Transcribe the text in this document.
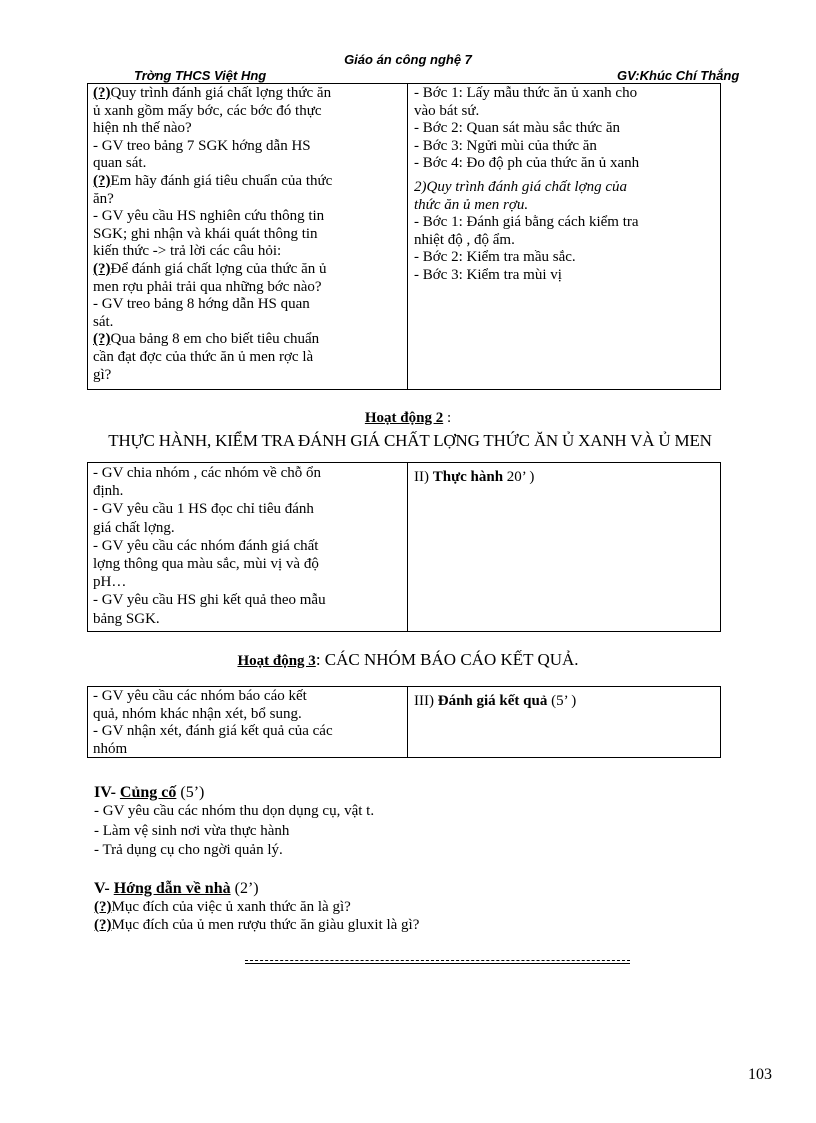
Giáo án công nghệ 7
Trờng THCS Việt Hng	GV:Khúc Chí Thắng
(?)Quy trình đánh giá chất lợng thức ăn
ủ xanh gồm mấy bớc, các bớc đó thực
hiện nh thế nào?
- GV treo bảng 7 SGK hớng dẫn HS
quan sát.
(?)Em hãy đánh giá tiêu chuẩn của thức
ăn?
- GV yêu cầu HS nghiên cứu thông tin
SGK; ghi nhận và khái quát thông tin
kiến thức -> trả lời các câu hỏi:
(?)Để đánh giá chất lợng của thức ăn ủ
men rợu phải trải qua những bớc nào?
- GV treo bảng 8 hớng dẫn HS quan
sát.
(?)Qua bảng 8 em cho biết tiêu chuẩn
cần đạt đợc của thức ăn ủ men rợc là
gì?
- Bớc 1: Lấy mẫu thức ăn ủ xanh cho
vào bát sứ.
- Bớc 2: Quan sát màu sắc thức ăn
- Bớc 3: Ngửi mùi của thức ăn
- Bớc 4: Đo độ ph của thức ăn ủ xanh
2)Quy trình đánh giá chất lợng của
thức ăn ủ men rợu.
- Bớc 1: Đánh giá bằng cách kiểm tra
nhiệt độ , độ ẩm.
- Bớc 2: Kiểm tra mầu sắc.
- Bớc 3: Kiểm tra mùi vị
Hoạt động 2 :
THỰC HÀNH, KIỂM TRA ĐÁNH GIÁ CHẤT LỢNG THỨC ĂN Ủ XANH VÀ Ủ MEN
- GV chia nhóm , các nhóm về chỗ ổn
định.
- GV yêu cầu 1 HS đọc chỉ tiêu đánh
giá chất lợng.
- GV yêu cầu các nhóm đánh giá chất
lợng thông qua màu sắc, mùi vị và độ
pH…
- GV yêu cầu HS ghi kết quả theo mẫu
bảng SGK.
II) Thực hành 20’ )
Hoạt động 3: CÁC NHÓM BÁO CÁO KẾT QUẢ.
- GV yêu cầu các nhóm báo cáo kết
quả, nhóm khác nhận xét, bổ sung.
- GV nhận xét, đánh giá kết quả của các
nhóm
III) Đánh giá kết quả (5’ )
IV- Củng cố (5’)
- GV yêu cầu các nhóm thu dọn dụng cụ, vật t.
- Làm vệ sinh nơi vừa thực hành
- Trả dụng cụ cho ngời quản lý.
V- Hớng dẫn về nhà (2’)
(?)Mục đích của việc ủ xanh thức ăn là gì?
(?)Mục đích của ủ men rượu thức ăn giàu gluxit là gì?
103
